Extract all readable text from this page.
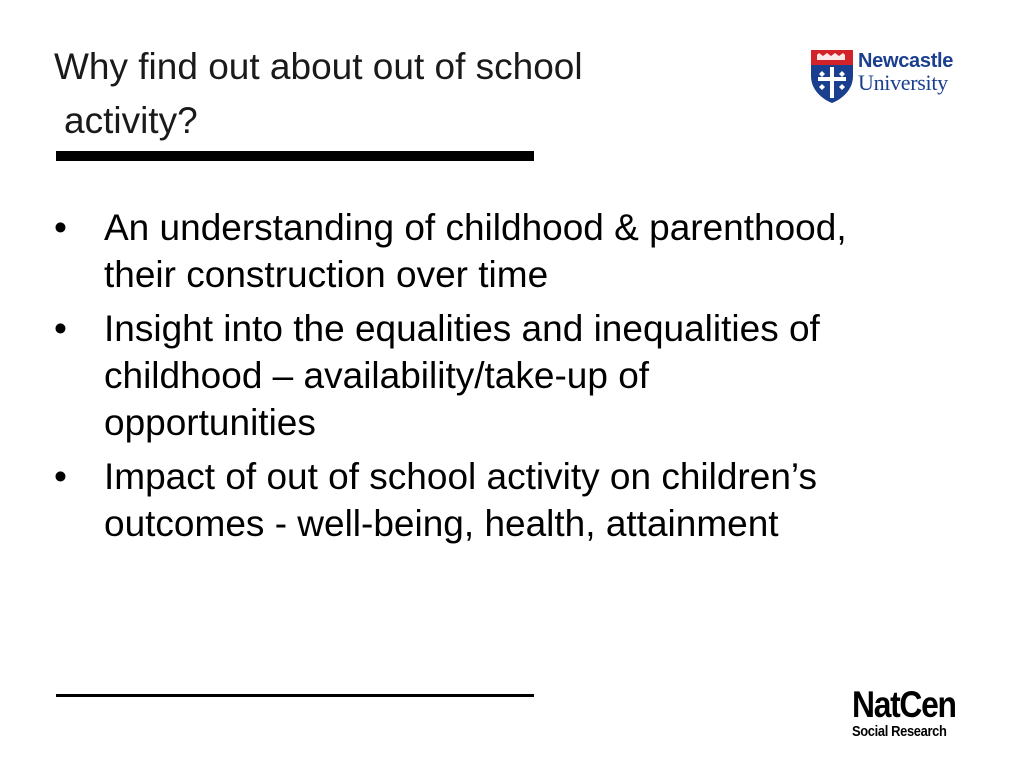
Why find out about out of school
activity?
• An understanding of childhood & parenthood,
their construction over time
• Insight into the equalities and inequalities of
childhood – availability/take-up of
opportunities
• Impact of out of school activity on children’s
outcomes - well-being, health, attainment
Newcastle
University
NatCen
Social Research
